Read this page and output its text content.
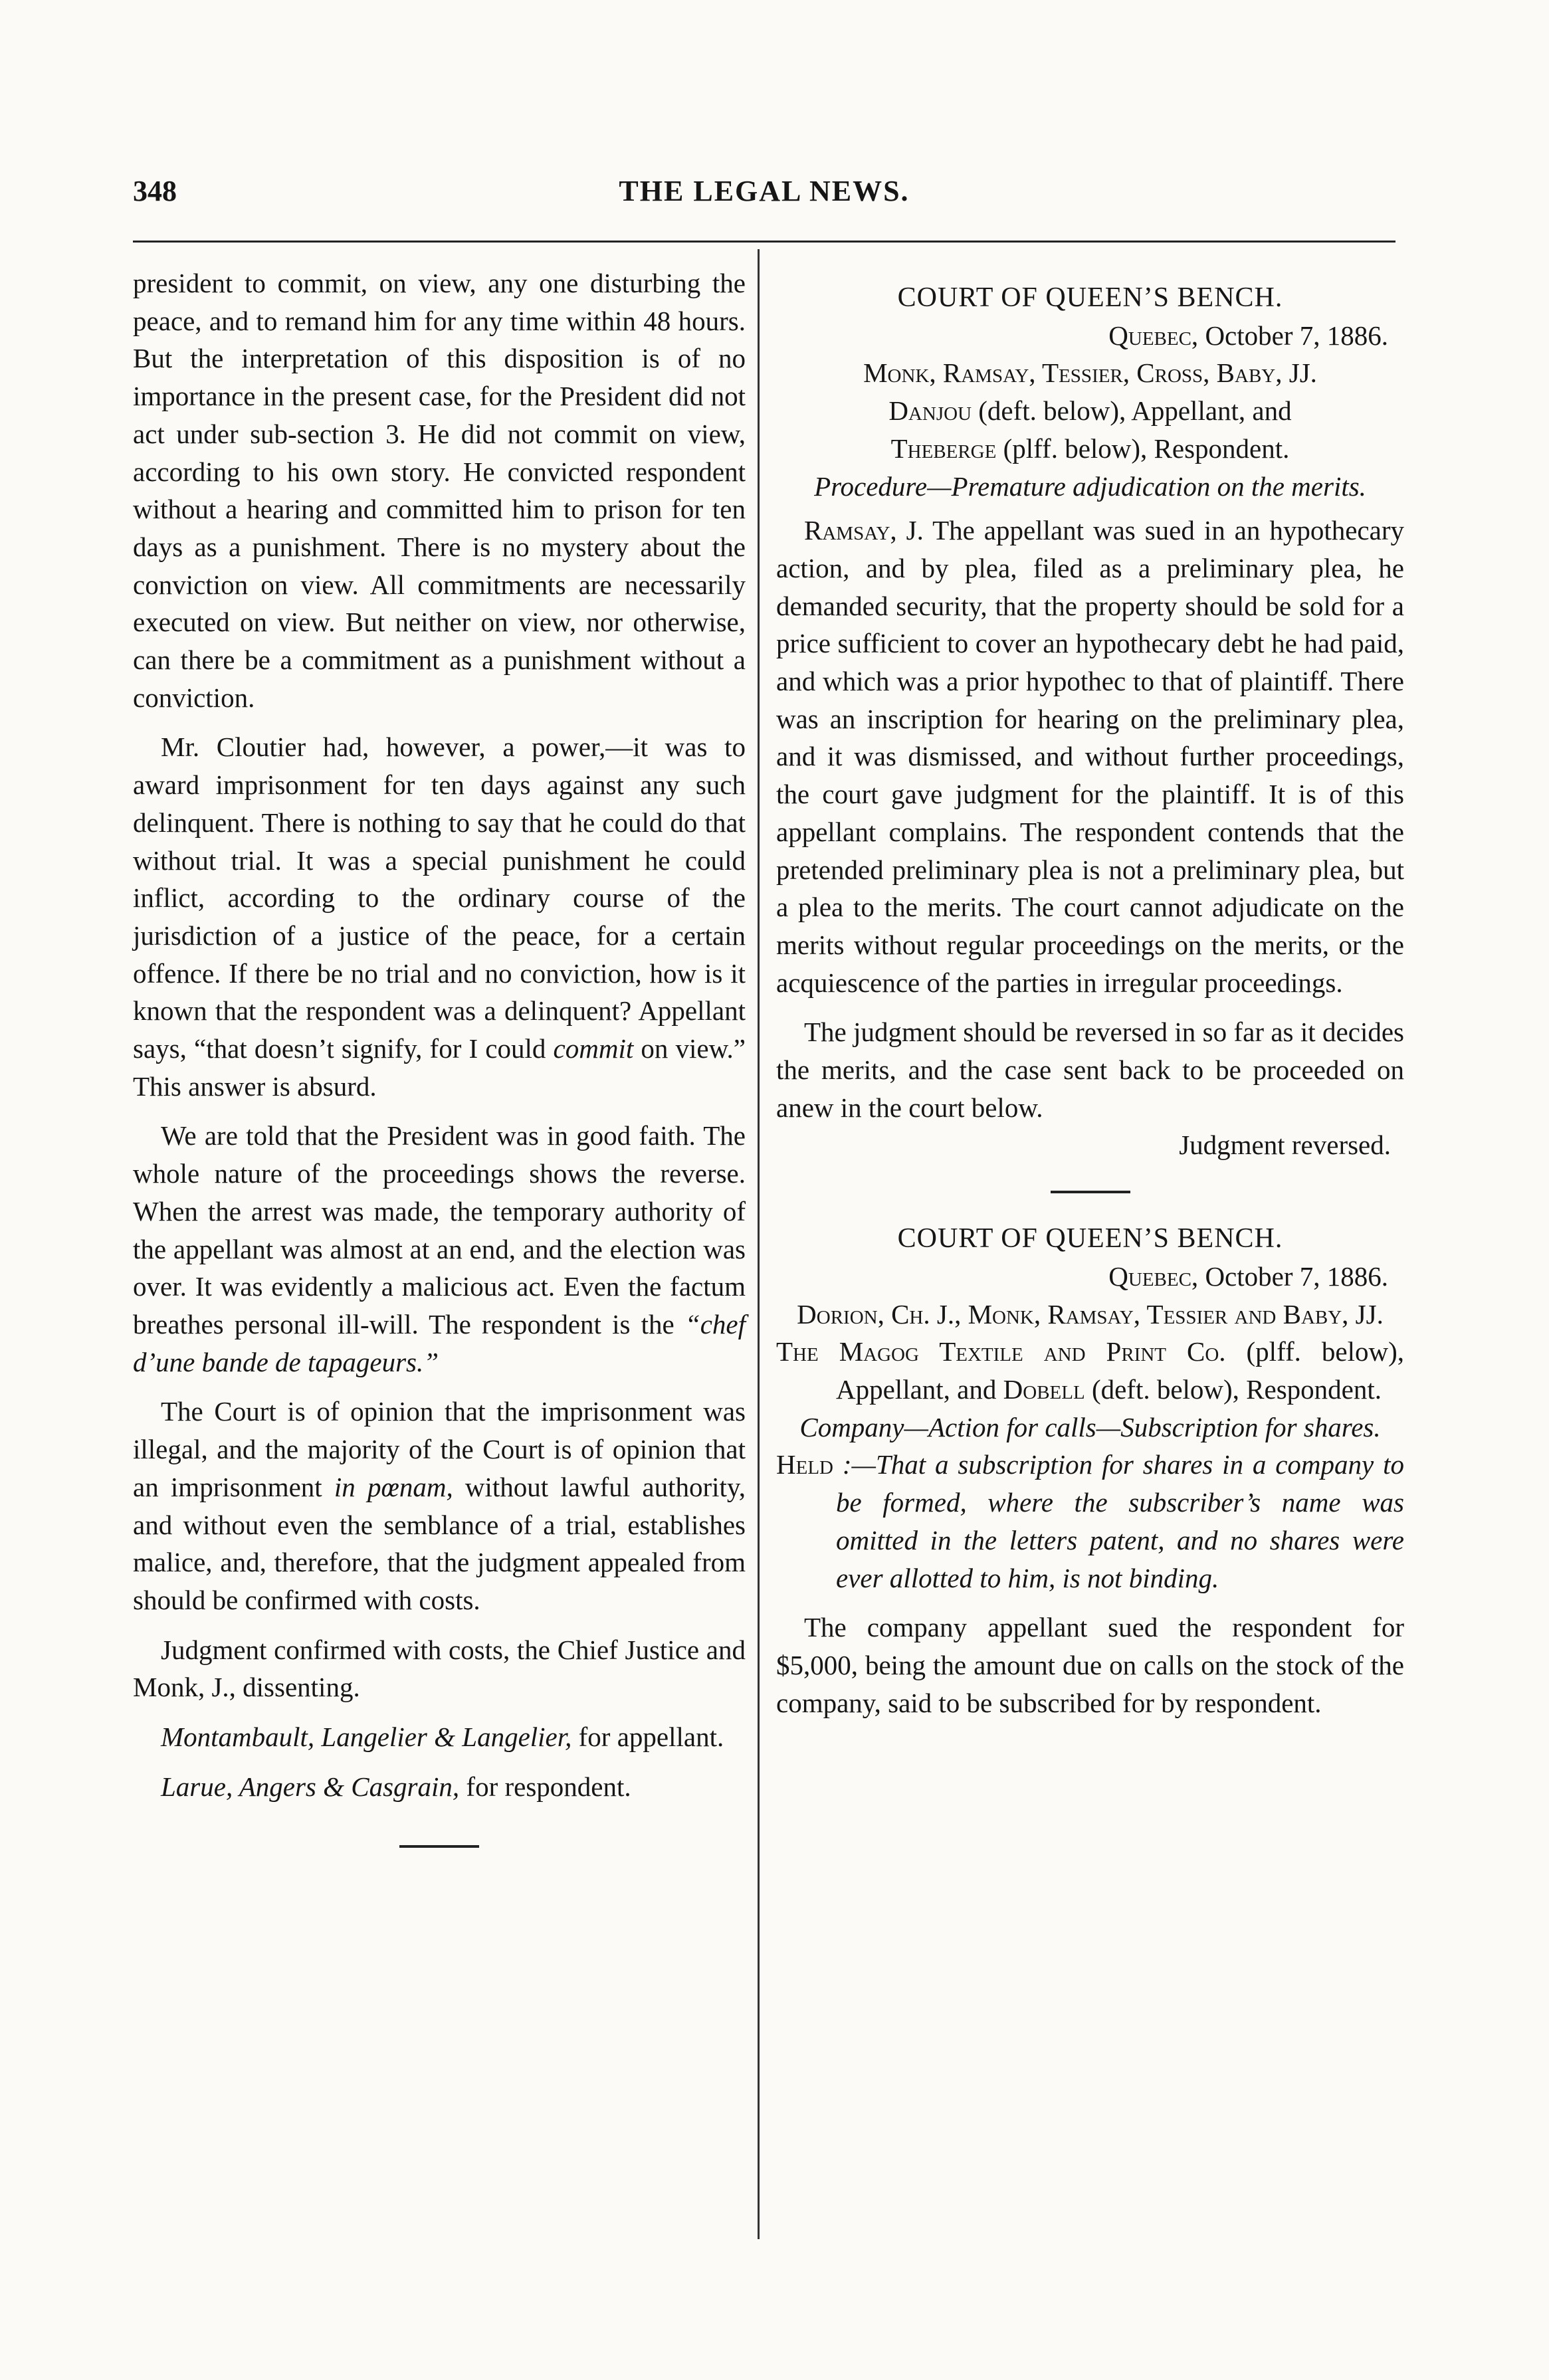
348	THE LEGAL NEWS.

president to commit, on view, any one disturbing the peace, and to remand him for any time within 48 hours. But the interpretation of this disposition is of no importance in the present case, for the President did not act under sub-section 3. He did not commit on view, according to his own story. He convicted respondent without a hearing and committed him to prison for ten days as a punishment. There is no mystery about the conviction on view. All commitments are necessarily executed on view. But neither on view, nor otherwise, can there be a commitment as a punishment without a conviction.

Mr. Cloutier had, however, a power,—it was to award imprisonment for ten days against any such delinquent. There is nothing to say that he could do that without trial. It was a special punishment he could inflict, according to the ordinary course of the jurisdiction of a justice of the peace, for a certain offence. If there be no trial and no conviction, how is it known that the respondent was a delinquent? Appellant says, “that doesn’t signify, for I could commit on view.” This answer is absurd.

We are told that the President was in good faith. The whole nature of the proceedings shows the reverse. When the arrest was made, the temporary authority of the appellant was almost at an end, and the election was over. It was evidently a malicious act. Even the factum breathes personal ill-will. The respondent is the “chef d’une bande de tapageurs.”

The Court is of opinion that the imprisonment was illegal, and the majority of the Court is of opinion that an imprisonment in pœnam, without lawful authority, and without even the semblance of a trial, establishes malice, and, therefore, that the judgment appealed from should be confirmed with costs.

Judgment confirmed with costs, the Chief Justice and Monk, J., dissenting.

Montambault, Langelier & Langelier, for appellant.

Larue, Angers & Casgrain, for respondent.

COURT OF QUEEN’S BENCH.

Quebec, October 7, 1886.

Monk, Ramsay, Tessier, Cross, Baby, JJ.

Danjou (deft. below), Appellant, and

Theberge (plff. below), Respondent.

Procedure—Premature adjudication on the merits.

Ramsay, J. The appellant was sued in an hypothecary action, and by plea, filed as a preliminary plea, he demanded security, that the property should be sold for a price sufficient to cover an hypothecary debt he had paid, and which was a prior hypothec to that of plaintiff. There was an inscription for hearing on the preliminary plea, and it was dismissed, and without further proceedings, the court gave judgment for the plaintiff. It is of this appellant complains. The respondent contends that the pretended preliminary plea is not a preliminary plea, but a plea to the merits. The court cannot adjudicate on the merits without regular proceedings on the merits, or the acquiescence of the parties in irregular proceedings.

The judgment should be reversed in so far as it decides the merits, and the case sent back to be proceeded on anew in the court below.

Judgment reversed.

COURT OF QUEEN’S BENCH.

Quebec, October 7, 1886.

Dorion, Ch. J., Monk, Ramsay, Tessier and Baby, JJ.

The Magog Textile and Print Co. (plff. below), Appellant, and Dobell (deft. below), Respondent.

Company—Action for calls—Subscription for shares.

Held :—That a subscription for shares in a company to be formed, where the subscriber’s name was omitted in the letters patent, and no shares were ever allotted to him, is not binding.

The company appellant sued the respondent for $5,000, being the amount due on calls on the stock of the company, said to be subscribed for by respondent.
